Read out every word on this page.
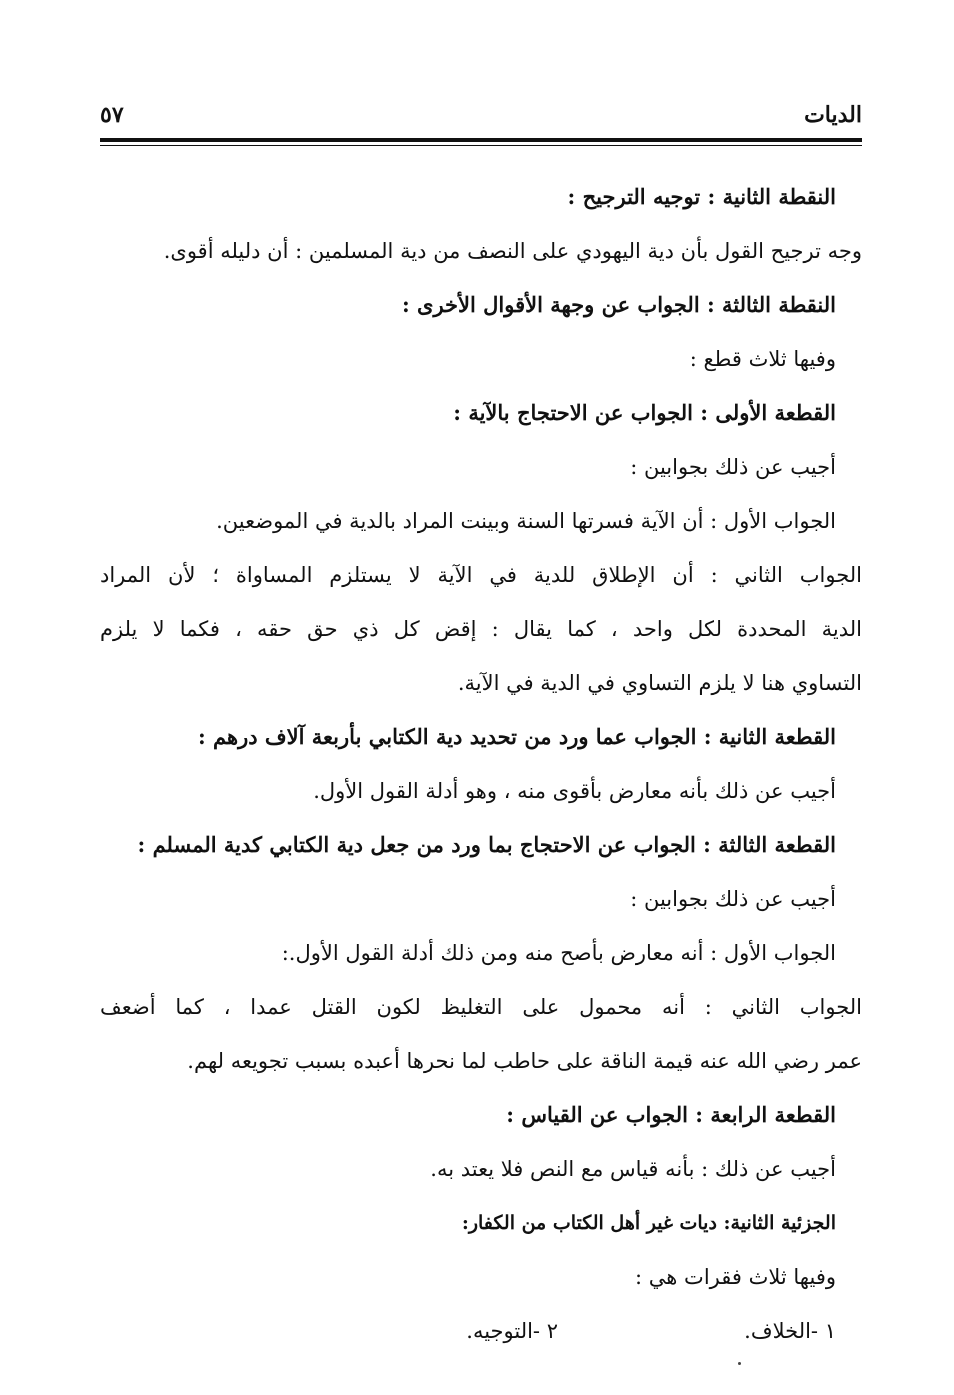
الديات
٥٧
النقطة الثانية : توجيه الترجيح :
وجه ترجيح القول بأن دية اليهودي على النصف من دية المسلمين : أن دليله أقوى.
النقطة الثالثة : الجواب عن وجهة الأقوال الأخرى :
وفيها ثلاث قطع :
القطعة الأولى : الجواب عن الاحتجاج بالآية :
أجيب عن ذلك بجوابين :
الجواب الأول : أن الآية فسرتها السنة وبينت المراد بالدية في الموضعين.
الجواب الثاني : أن الإطلاق للدية في الآية لا يستلزم المساواة ؛ لأن المراد
الدية المحددة لكل واحد ، كما يقال : إقض كل ذي حق حقه ، فكما لا يلزم
التساوي هنا لا يلزم التساوي في الدية في الآية.
القطعة الثانية : الجواب عما ورد من تحديد دية الكتابي بأربعة آلاف درهم :
أجيب عن ذلك بأنه معارض بأقوى منه ، وهو أدلة القول الأول.
القطعة الثالثة : الجواب عن الاحتجاج بما ورد من جعل دية الكتابي كدية المسلم :
أجيب عن ذلك بجوابين :
الجواب الأول : أنه معارض بأصح منه ومن ذلك أدلة القول الأول.:
الجواب الثاني : أنه محمول على التغليظ لكون القتل عمدا ، كما أضعف
عمر رضي الله عنه قيمة الناقة على حاطب لما نحرها أعبده بسبب تجويعه لهم.
القطعة الرابعة : الجواب عن القياس :
أجيب عن ذلك : بأنه قياس مع النص فلا يعتد به.
الجزئية الثانية: ديات غير أهل الكتاب من الكفار:
وفيها ثلاث فقرات هي :
١ -الخلاف.
٢ -التوجيه.
